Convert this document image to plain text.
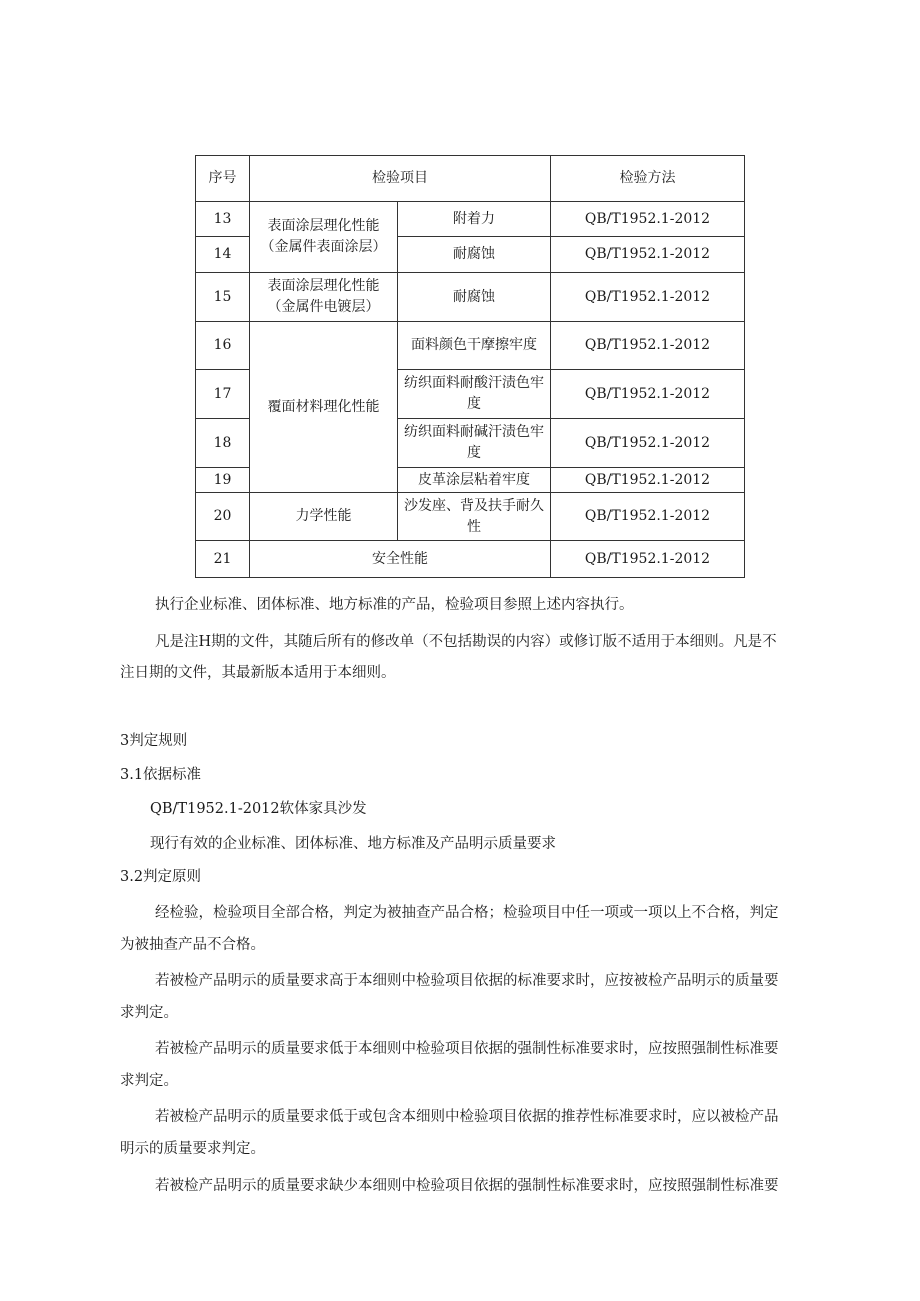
序号	检验项目		检验方法
13	表面涂层理化性能（金属件表面涂层）	附着力	QB/T1952.1-2012
14		耐腐蚀	QB/T1952.1-2012
15	表面涂层理化性能（金属件电镀层）	耐腐蚀	QB/T1952.1-2012
16	覆面材料理化性能	面料颜色干摩擦牢度	QB/T1952.1-2012
17		纺织面料耐酸汗渍色牢度	QB/T1952.1-2012
18		纺织面料耐碱汗渍色牢度	QB/T1952.1-2012
19		皮革涂层粘着牢度	QB/T1952.1-2012
20	力学性能	沙发座、背及扶手耐久性	QB/T1952.1-2012
21	安全性能		QB/T1952.1-2012
执行企业标准、团体标准、地方标准的产品，检验项目参照上述内容执行。
凡是注H期的文件，其随后所有的修改单（不包括勘误的内容）或修订版不适用于本细则。凡是不
注日期的文件，其最新版本适用于本细则。
3判定规则
3.1依据标准
QB/T1952.1-2012软体家具沙发
现行有效的企业标准、团体标准、地方标准及产品明示质量要求
3.2判定原则
经检验，检验项目全部合格，判定为被抽查产品合格；检验项目中任一项或一项以上不合格，判定
为被抽查产品不合格。
若被检产品明示的质量要求高于本细则中检验项目依据的标准要求时，应按被检产品明示的质量要
求判定。
若被检产品明示的质量要求低于本细则中检验项目依据的强制性标准要求时，应按照强制性标准要
求判定。
若被检产品明示的质量要求低于或包含本细则中检验项目依据的推荐性标准要求时，应以被检产品
明示的质量要求判定。
若被检产品明示的质量要求缺少本细则中检验项目依据的强制性标准要求时，应按照强制性标准要
